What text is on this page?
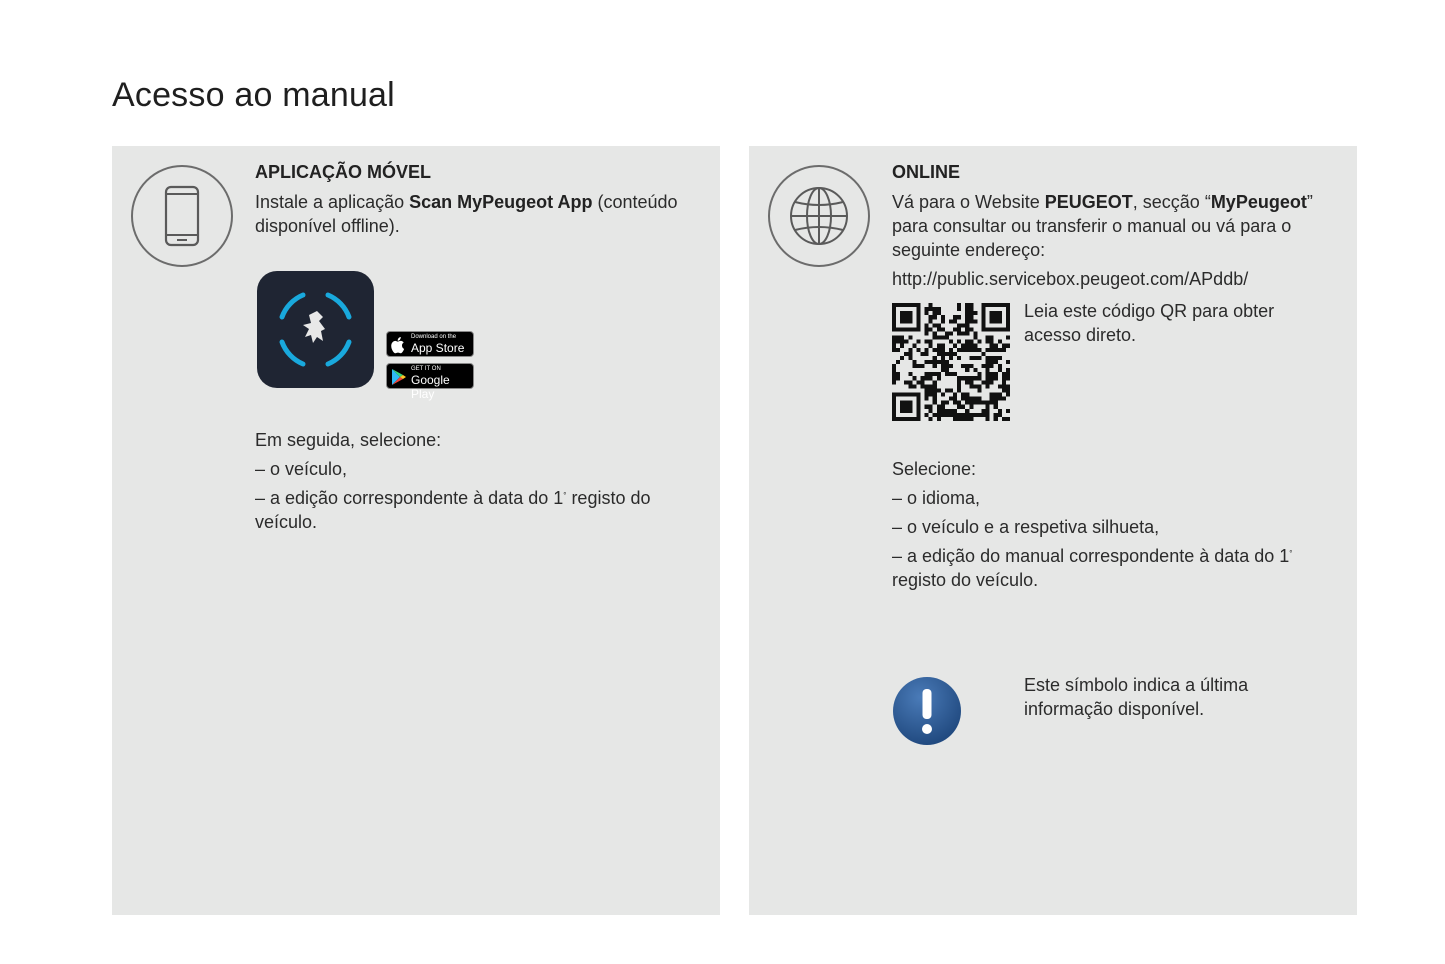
Acesso ao manual
APLICAÇÃO MÓVEL

Instale a aplicação Scan MyPeugeot App (conteúdo disponível offline).

Download on the
App Store
GET IT ON
Google Play

Em seguida, selecione:

– o veículo,
– a edição correspondente à data do 1° registo do veículo.
ONLINE

Vá para o Website PEUGEOT, secção “MyPeugeot” para consultar ou transferir o manual ou vá para o seguinte endereço:

http://public.servicebox.peugeot.com/APddb/

Leia este código QR para obter acesso direto.

Selecione:

– o idioma,
– o veículo e a respetiva silhueta,
– a edição do manual correspondente à data do 1° registo do veículo.

Este símbolo indica a última informação disponível.
